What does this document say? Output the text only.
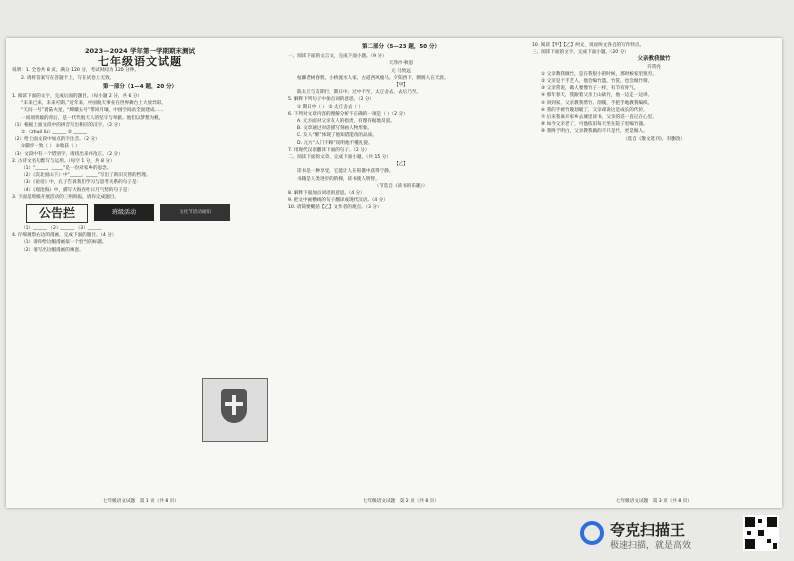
2023—2024 学年第一学期期末测试
七年级语文试题
说明：1. 全卷共 8 页，满分 120 分，考试时间为 120 分钟。
2. 请将答案写在答题卡上，写在试卷上无效。
第一部分（1—4 题，20 分）
1. 阅读下面的文字，完成后面的题目。（每小题 2 分，共 6 分）
“未来已来，未来可期。”近年来，中国航天事业在世界舞台上大放异彩。
“天问一号”着陆火星，“嫦娥五号”带回月壤，中国空间站全面建成……
一项项突破的背后，是一代代航天人的坚守与奉献。他们以梦想为帆，
（1）根据上面文段中的拼音写出相应的汉字。（2 分）
① （zhuó lù）______ ② ______
（2）给上面文段中加点的字注音。（2 分）
①脚步一致（ ） ②收获（ ）
（3）文段中有一个错别字，请找出来并改正。（2 分）
2. 古诗文名句默写与运用。（每空 1 分，共 8 分）
（1）“_____，_____”是一份对家乡的思念。
（2）《次北固山下》中“_____，_____”写出了新旧交替的哲理。
（3）《论语》中，孔子告诉我们学习与思考关系的句子是：
（4）《观沧海》中，描写大海吞吐日月气势的句子是：
3. 下面是班级开展活动的三则海报，请你完成题目。
公告拦	班级活动	文化节活动通知
（1）______ （2）______ （3）______
4. 仔细观察右边的漫画，完成下面的题目。（4 分）
（1）请你给这幅漫画拟一个恰当的标题。
（2）请写出这幅漫画的寓意。
七年级语文试题　第 1 页（共 8 页）
第二部分（5—23 题，50 分）
一、阅读下面的文言文，完成下面小题。（9 分）
天净沙·秋思
元 马致远
枯藤老树昏鸦，小桥流水人家，古道西风瘦马。夕阳西下，断肠人在天涯。
【甲】
陈太丘与友期行，期日中。过中不至，太丘舍去，去后乃至。
5. 解释下列句子中加点词的意思。（2 分）
① 期日中（ ） ② 太丘舍去（ ）
6. 下列对文章内容的理解分析不正确的一项是（ ）（2 分）
A. 元方面对父亲友人的指责，有理有据地反驳。
B. 文章通过对话描写刻画人物形象。
C. 友人“惭”体现了他知错能改的品质。
D. 元方“入门不顾”说明他不懂礼貌。
7. 用现代汉语翻译下面的句子。（2 分）
二、阅读下面的文章，完成下面小题。（共 15 分）
【乙】
读书是一种享受，它能让人在喧嚣中获得宁静。
书籍是人类进步的阶梯，读书使人明智。
（节选自《读书的乐趣》）
8. 解释下面加点词语的意思。（4 分）
9. 把文中画横线的句子翻译成现代汉语。（4 分）
10. 请简要概括【乙】文作者的观点。（3 分）
七年级语文试题　第 2 页（共 8 页）
10. 阅读【甲】【乙】两文，说说两文各自的写作特点。
三、阅读下面的文字，完成下面小题。（20 分）
父亲教我做竹
许常亮
① 父亲教我做竹，是在我很小的时候，那时候家里很穷。
② 父亲是个手艺人，他会编竹篮、竹筐，也会做竹椅。
③ 父亲常说，做人要像竹子一样，有节有骨气。
④ 那年春天，我跟着父亲上山砍竹，他一边走一边讲。
⑤ 回到家，父亲教我劈竹、削篾，手把手地教我编织。
⑥ 我的手被竹篾划破了，父亲却说这是成长的代价。
⑦ 后来我离开家乡去城里读书，父亲的话一直记在心里。
⑧ 如今父亲老了，可他依旧每天坐在院子里编竹器。
⑨ 我终于明白，父亲教我做的不只是竹，更是做人。
（选自《散文选刊》，有删改）
七年级语文试题　第 3 页（共 8 页）
夸克扫描王
极速扫描，就是高效
